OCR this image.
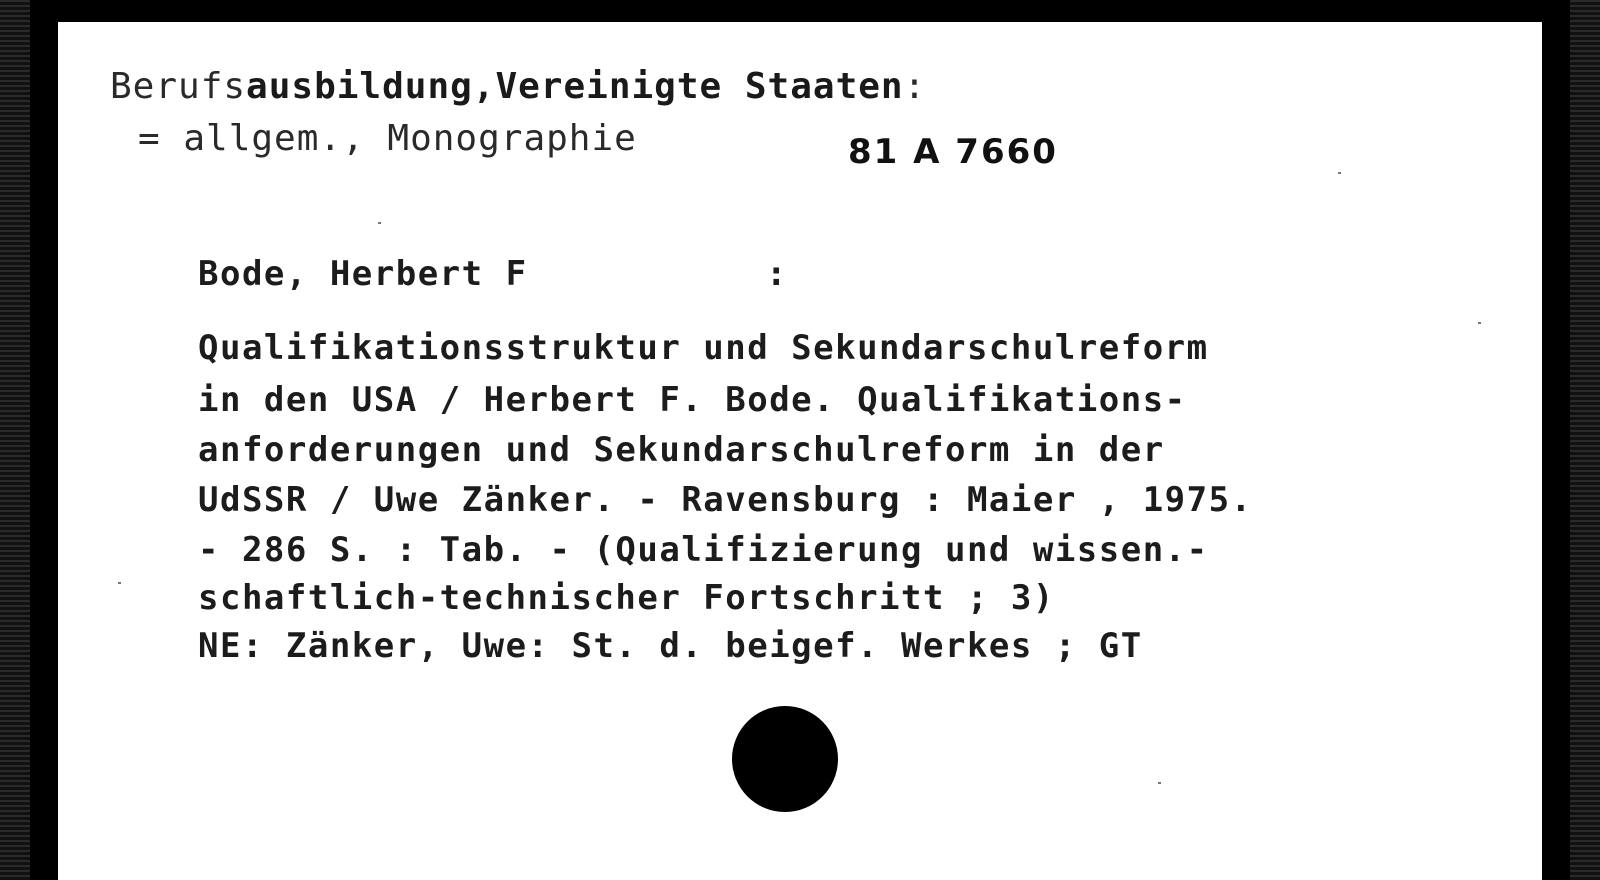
Berufsausbildung,Vereinigte Staaten:
= allgem., Monographie	81 A 7660
Bode, Herbert F	:
Qualifikationsstruktur und Sekundarschulreform
in den USA / Herbert F. Bode. Qualifikations-
anforderungen und Sekundarschulreform in der
UdSSR / Uwe Zänker. - Ravensburg : Maier , 1975.
- 286 S. : Tab. - (Qualifizierung und wissen.-
schaftlich-technischer Fortschritt ; 3)
NE: Zänker, Uwe: St. d. beigef. Werkes ; GT
